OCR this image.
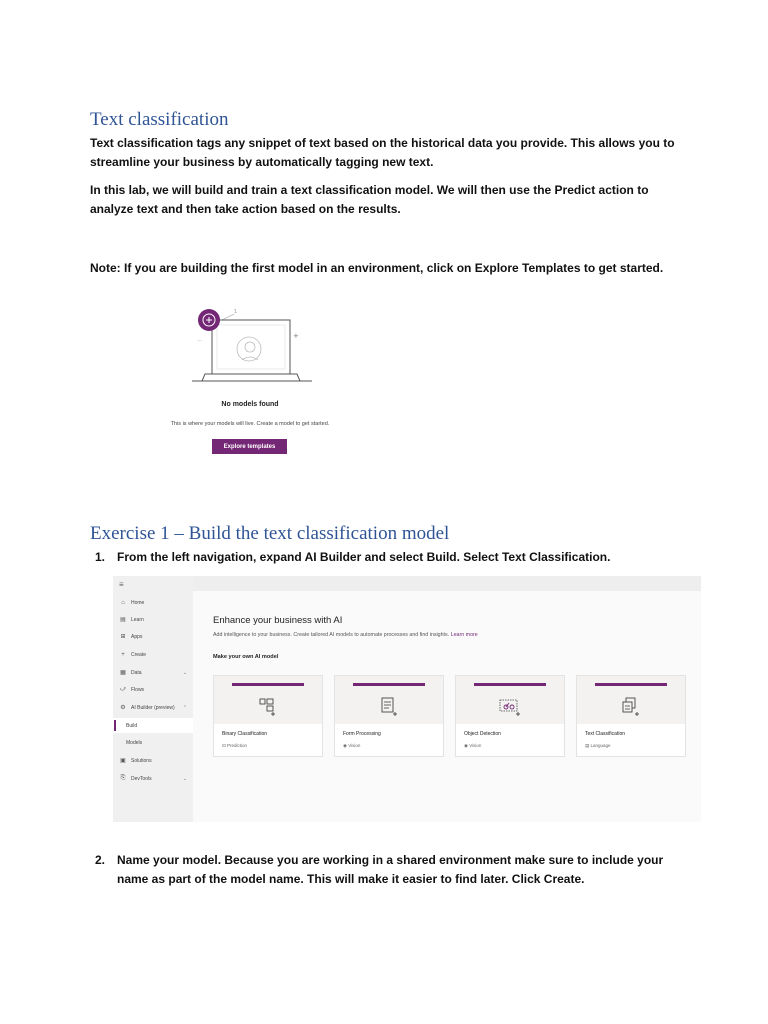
Text classification

Text classification tags any snippet of text based on the historical data you provide. This allows you to streamline your business by automatically tagging new text.

In this lab, we will build and train a text classification model. We will then use the Predict action to analyze text and then take action based on the results.

Note: If you are building the first model in an environment, click on Explore Templates to get started.

1
+
⌐
No models found
This is where your models will live. Create a model to get started.
Explore templates
Exercise 1 – Build the text classification model
1. From the left navigation, expand AI Builder and select Build. Select Text Classification.
≡
⌂	Home
▤	Learn
⊞	Apps
+	Create
▦	Data	⌄
⤻ Flows
⚙	AI Builder (preview) ⌃
Build
Models
▣	Solutions
⎘	DevTools	⌄
Enhance your business with AI
Add intelligence to your business. Create tailored AI models to automate processes and find insights. Learn more
Make your own AI model
Binary Classification
⊡ Prediction
Form Processing
◉ Vision
Object Detection
◉ Vision
Text Classification
▤ Language
2. Name your model. Because you are working in a shared environment make sure to include your name as part of the model name. This will make it easier to find later. Click Create.
